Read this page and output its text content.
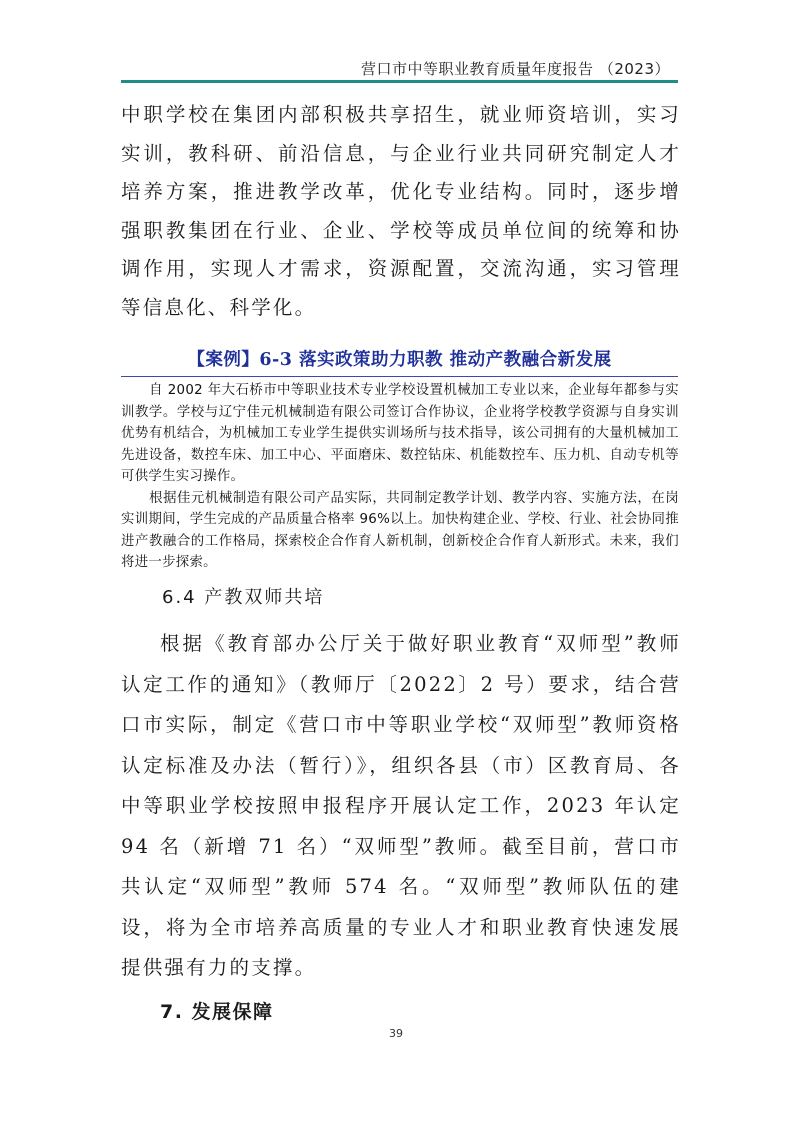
营口市中等职业教育质量年度报告 （2023）

中职学校在集团内部积极共享招生，就业师资培训，实习实训，教科研、前沿信息，与企业行业共同研究制定人才培养方案，推进教学改革，优化专业结构。同时，逐步增强职教集团在行业、企业、学校等成员单位间的统筹和协调作用，实现人才需求，资源配置，交流沟通，实习管理等信息化、科学化。

【案例】6-3 落实政策助力职教 推动产教融合新发展

自 2002 年大石桥市中等职业技术专业学校设置机械加工专业以来，企业每年都参与实训教学。学校与辽宁佳元机械制造有限公司签订合作协议，企业将学校教学资源与自身实训优势有机结合，为机械加工专业学生提供实训场所与技术指导，该公司拥有的大量机械加工先进设备，数控车床、加工中心、平面磨床、数控钻床、机能数控车、压力机、自动专机等可供学生实习操作。

根据佳元机械制造有限公司产品实际，共同制定教学计划、教学内容、实施方法，在岗实训期间，学生完成的产品质量合格率 96%以上。加快构建企业、学校、行业、社会协同推进产教融合的工作格局，探索校企合作育人新机制，创新校企合作育人新形式。未来，我们将进一步探索。

6.4 产教双师共培

根据《教育部办公厅关于做好职业教育“双师型”教师认定工作的通知》（教师厅〔2022〕2 号）要求，结合营口市实际，制定《营口市中等职业学校“双师型”教师资格认定标准及办法（暂行）》，组织各县（市）区教育局、各中等职业学校按照申报程序开展认定工作，2023 年认定 94 名（新增 71 名）“双师型”教师。截至目前，营口市共认定“双师型”教师 574 名。“双师型”教师队伍的建设，将为全市培养高质量的专业人才和职业教育快速发展提供强有力的支撑。

7. 发展保障
39
